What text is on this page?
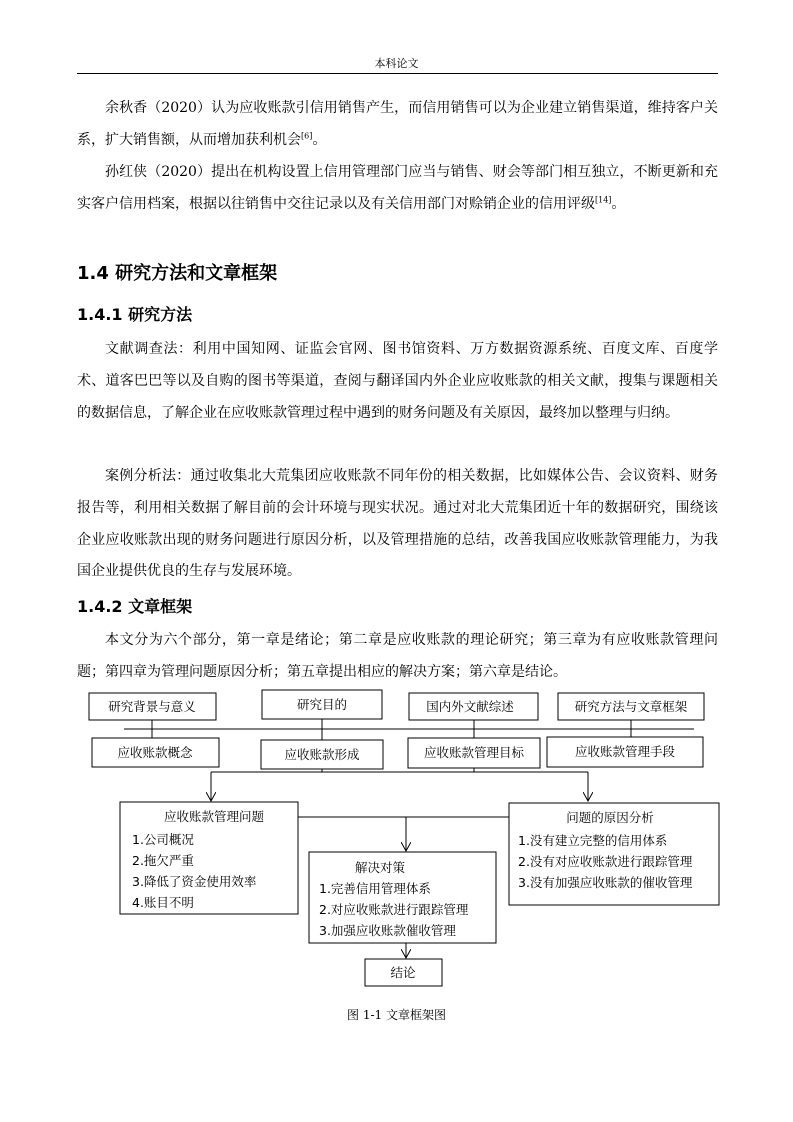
本科论文

余秋香（2020）认为应收账款引信用销售产生，而信用销售可以为企业建立销售渠道，维持客户关系，扩大销售额，从而增加获利机会[6]。

孙红侠（2020）提出在机构设置上信用管理部门应当与销售、财会等部门相互独立，不断更新和充实客户信用档案，根据以往销售中交往记录以及有关信用部门对赊销企业的信用评级[14]。

1.4 研究方法和文章框架
1.4.1 研究方法

文献调查法：利用中国知网、证监会官网、图书馆资料、万方数据资源系统、百度文库、百度学术、道客巴巴等以及自购的图书等渠道，查阅与翻译国内外企业应收账款的相关文献，搜集与课题相关的数据信息，了解企业在应收账款管理过程中遇到的财务问题及有关原因，最终加以整理与归纳。

案例分析法：通过收集北大荒集团应收账款不同年份的相关数据，比如媒体公告、会议资料、财务报告等，利用相关数据了解目前的会计环境与现实状况。通过对北大荒集团近十年的数据研究，围绕该企业应收账款出现的财务问题进行原因分析，以及管理措施的总结，改善我国应收账款管理能力，为我国企业提供优良的生存与发展环境。

1.4.2 文章框架

本文分为六个部分，第一章是绪论；第二章是应收账款的理论研究；第三章为有应收账款管理问题；第四章为管理问题原因分析；第五章提出相应的解决方案；第六章是结论。

研究背景与意义	研究目的	国内外文献综述	研究方法与文章框架
应收账款概念	应收账款形成	应收账款管理目标	应收账款管理手段
应收账款管理问题
1.公司概况
2.拖欠严重
3.降低了资金使用效率
4.账目不明
问题的原因分析
1.没有建立完整的信用体系
2.没有对应收账款进行跟踪管理
3.没有加强应收账款的催收管理
解决对策
1.完善信用管理体系
2.对应收账款进行跟踪管理
3.加强应收账款催收管理
结论
图 1-1 文章框架图
